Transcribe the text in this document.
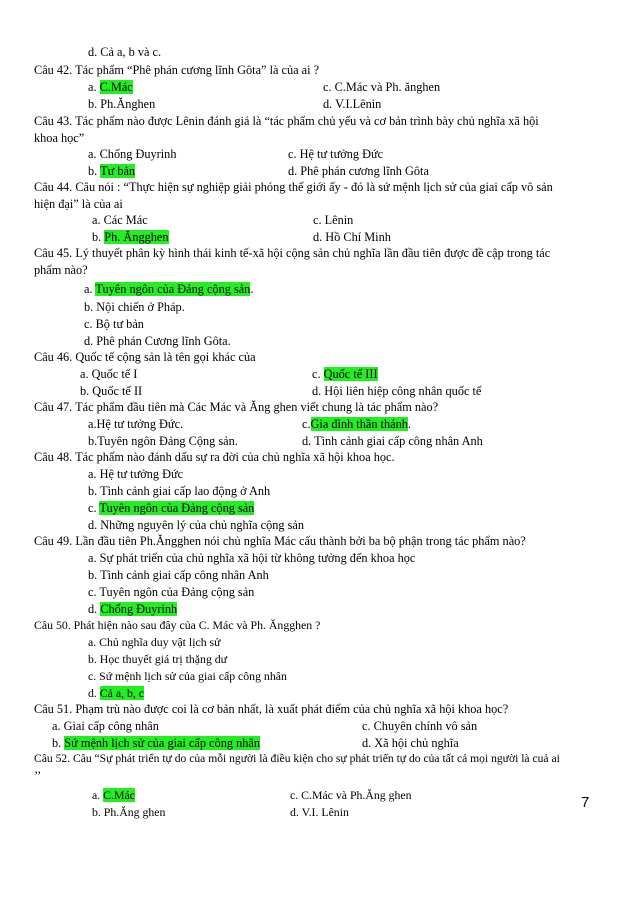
d. Cả a, b và c.
Câu 42. Tác phẩm “Phê phán cương lĩnh Gôta” là của ai ?
a. C.Mác	c. C.Mác và Ph. ănghen
b. Ph.Ănghen	d. V.I.Lênin
Câu 43. Tác phẩm nào được Lênin đánh giá là “tác phẩm chủ yếu và cơ bản trình bày chủ nghĩa xã hội
khoa học”
a. Chống Đuyrinh	c. Hệ tư tưởng Đức
b. Tư bản	d. Phê phán cương lĩnh Gôta
Câu 44. Câu nói : “Thực hiện sự nghiệp giải phóng thế giới ấy - đó là sứ mệnh lịch sử của giai cấp vô sản
hiện đại” là của ai
a. Các Mác	c. Lênin
b. Ph. Ăngghen	d. Hồ Chí Minh
Câu 45. Lý thuyết phân kỳ hình thái kinh tế-xã hội cộng sản chủ nghĩa lần đầu tiên được đề cập trong tác
phẩm nào?
a. Tuyên ngôn của Đảng cộng sản.
b. Nội chiến ở Pháp.
c. Bộ tư bản
d. Phê phán Cương lĩnh Gôta.
Câu 46. Quốc tế cộng sản là tên gọi khác của
a. Quốc tế I	c. Quốc tế III
b. Quốc tế II	d. Hội liên hiệp công nhân quốc tế
Câu 47. Tác phẩm đầu tiên mà Các Mác và Ăng ghen viết chung là tác phẩm nào?
a.Hệ tư tưởng Đức.	c.Gia đình thần thánh.
b.Tuyên ngôn Đảng Cộng sản.	d. Tình cảnh giai cấp công nhân Anh
Câu 48. Tác phẩm nào đánh dấu sự ra đời của chủ nghĩa xã hội khoa học.
a. Hệ tư tưởng Đức
b. Tình cảnh giai cấp lao động ở Anh
c. Tuyên ngôn của Đảng cộng sản
d. Những nguyên lý của chủ nghĩa cộng sản
Câu 49. Lần đầu tiên Ph.Ăngghen nói chủ nghĩa Mác cấu thành bởi ba bộ phận trong tác phẩm nào?
a. Sự phát triển của chủ nghĩa xã hội từ không tưởng đến khoa học
b. Tình cảnh giai cấp công nhân Anh
c. Tuyên ngôn của Đảng cộng sản
d. Chống Đuyrinh
Câu 50. Phát hiện nào sau đây của C. Mác và Ph. Ăngghen ?
a. Chủ nghĩa duy vật lịch sử
b. Học thuyết giá trị thặng dư
c. Sứ mệnh lịch sử của giai cấp công nhân
d. Cả a, b, c
Câu 51. Phạm trù nào được coi là cơ bản nhất, là xuất phát điểm của chủ nghĩa xã hội khoa học?
a. Giai cấp công nhân	c. Chuyên chính vô sản
b. Sứ mệnh lịch sử của giai cấp công nhân	d. Xã hội chủ nghĩa
Câu 52. Câu “Sự phát triển tự do của mỗi người là điều kiện cho sự phát triển tự do của tất cả mọi người là cuả ai
’’
a. C.Mác	c. C.Mác và Ph.Ăng ghen
b. Ph.Ăng ghen	d. V.I. Lênin
7
